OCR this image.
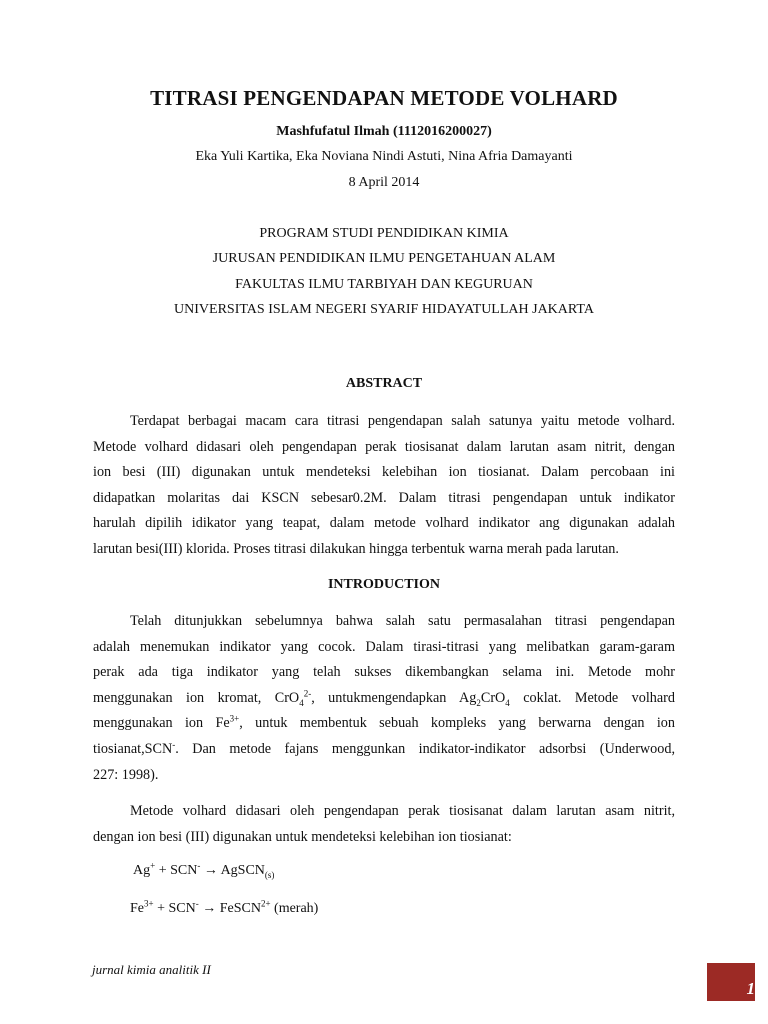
TITRASI PENGENDAPAN METODE VOLHARD
Mashfufatul Ilmah (1112016200027)
Eka Yuli Kartika, Eka Noviana Nindi Astuti, Nina Afria Damayanti
8 April 2014
PROGRAM STUDI PENDIDIKAN KIMIA
JURUSAN PENDIDIKAN ILMU PENGETAHUAN ALAM
FAKULTAS ILMU TARBIYAH DAN KEGURUAN
UNIVERSITAS ISLAM NEGERI SYARIF HIDAYATULLAH JAKARTA
ABSTRACT
Terdapat berbagai macam cara titrasi pengendapan salah satunya yaitu metode volhard.
Metode volhard didasari oleh pengendapan perak tiosisanat dalam larutan asam nitrit, dengan
ion besi (III) digunakan untuk mendeteksi kelebihan ion tiosianat. Dalam percobaan ini
didapatkan molaritas dai KSCN sebesar0.2M. Dalam titrasi pengendapan untuk indikator
harulah dipilih idikator yang teapat, dalam metode volhard indikator ang digunakan adalah
larutan besi(III) klorida. Proses titrasi dilakukan hingga terbentuk warna merah pada larutan.
INTRODUCTION
Telah ditunjukkan sebelumnya bahwa salah satu permasalahan titrasi pengendapan
adalah menemukan indikator yang cocok. Dalam tirasi-titrasi yang melibatkan garam-garam
perak ada tiga indikator yang telah sukses dikembangkan selama ini. Metode mohr
menggunakan ion kromat, CrO$_4^{2-}$, untukmengendapkan $Ag_2CrO_4$ coklat. Metode volhard
menggunakan ion $Fe^{3+}$, untuk membentuk sebuah kompleks yang berwarna dengan ion
tiosianat,SCN-. Dan metode fajans menggunkan indikator-indikator adsorbsi (Underwood,
227: 1998).
Metode volhard didasari oleh pengendapan perak tiosisanat dalam larutan asam nitrit,
dengan ion besi (III) digunakan untuk mendeteksi kelebihan ion tiosianat:
Ag+ + SCN- → AgSCN$_{(s)}$
$Fe^{3+} + SCN^-$ → FeSCN$^{2+}$ (merah)
jurnal kimia analitik II
1
